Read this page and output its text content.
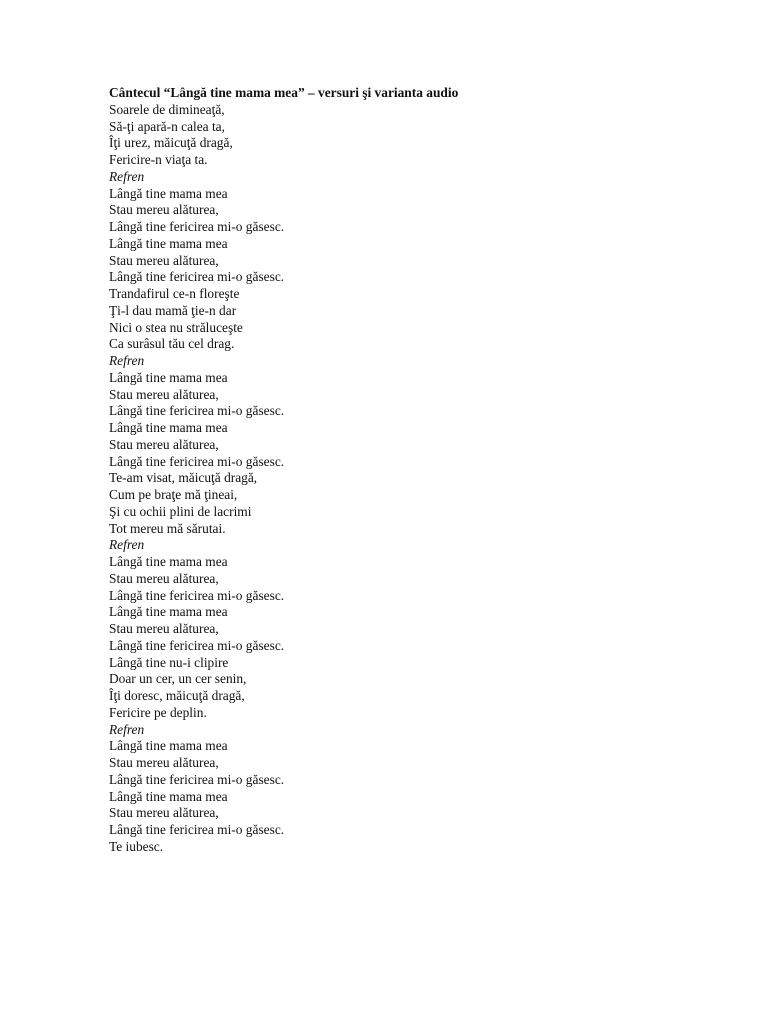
Cântecul “Lângă tine mama mea” – versuri şi varianta audio
Soarele de dimineaţă,
Să-ţi apară-n calea ta,
Îţi urez, măicuţă dragă,
Fericire-n viaţa ta.
Refren
Lângă tine mama mea
Stau mereu alăturea,
Lângă tine fericirea mi-o găsesc.
Lângă tine mama mea
Stau mereu alăturea,
Lângă tine fericirea mi-o găsesc.
Trandafirul ce-n floreşte
Ţi-l dau mamă ţie-n dar
Nici o stea nu străluceşte
Ca surâsul tău cel drag.
Refren
Lângă tine mama mea
Stau mereu alăturea,
Lângă tine fericirea mi-o găsesc.
Lângă tine mama mea
Stau mereu alăturea,
Lângă tine fericirea mi-o găsesc.
Te-am visat, măicuţă dragă,
Cum pe braţe mă ţineai,
Şi cu ochii plini de lacrimi
Tot mereu mă sărutai.
Refren
Lângă tine mama mea
Stau mereu alăturea,
Lângă tine fericirea mi-o găsesc.
Lângă tine mama mea
Stau mereu alăturea,
Lângă tine fericirea mi-o găsesc.
Lângă tine nu-i clipire
Doar un cer, un cer senin,
Îţi doresc, măicuţă dragă,
Fericire pe deplin.
Refren
Lângă tine mama mea
Stau mereu alăturea,
Lângă tine fericirea mi-o găsesc.
Lângă tine mama mea
Stau mereu alăturea,
Lângă tine fericirea mi-o găsesc.
Te iubesc.
